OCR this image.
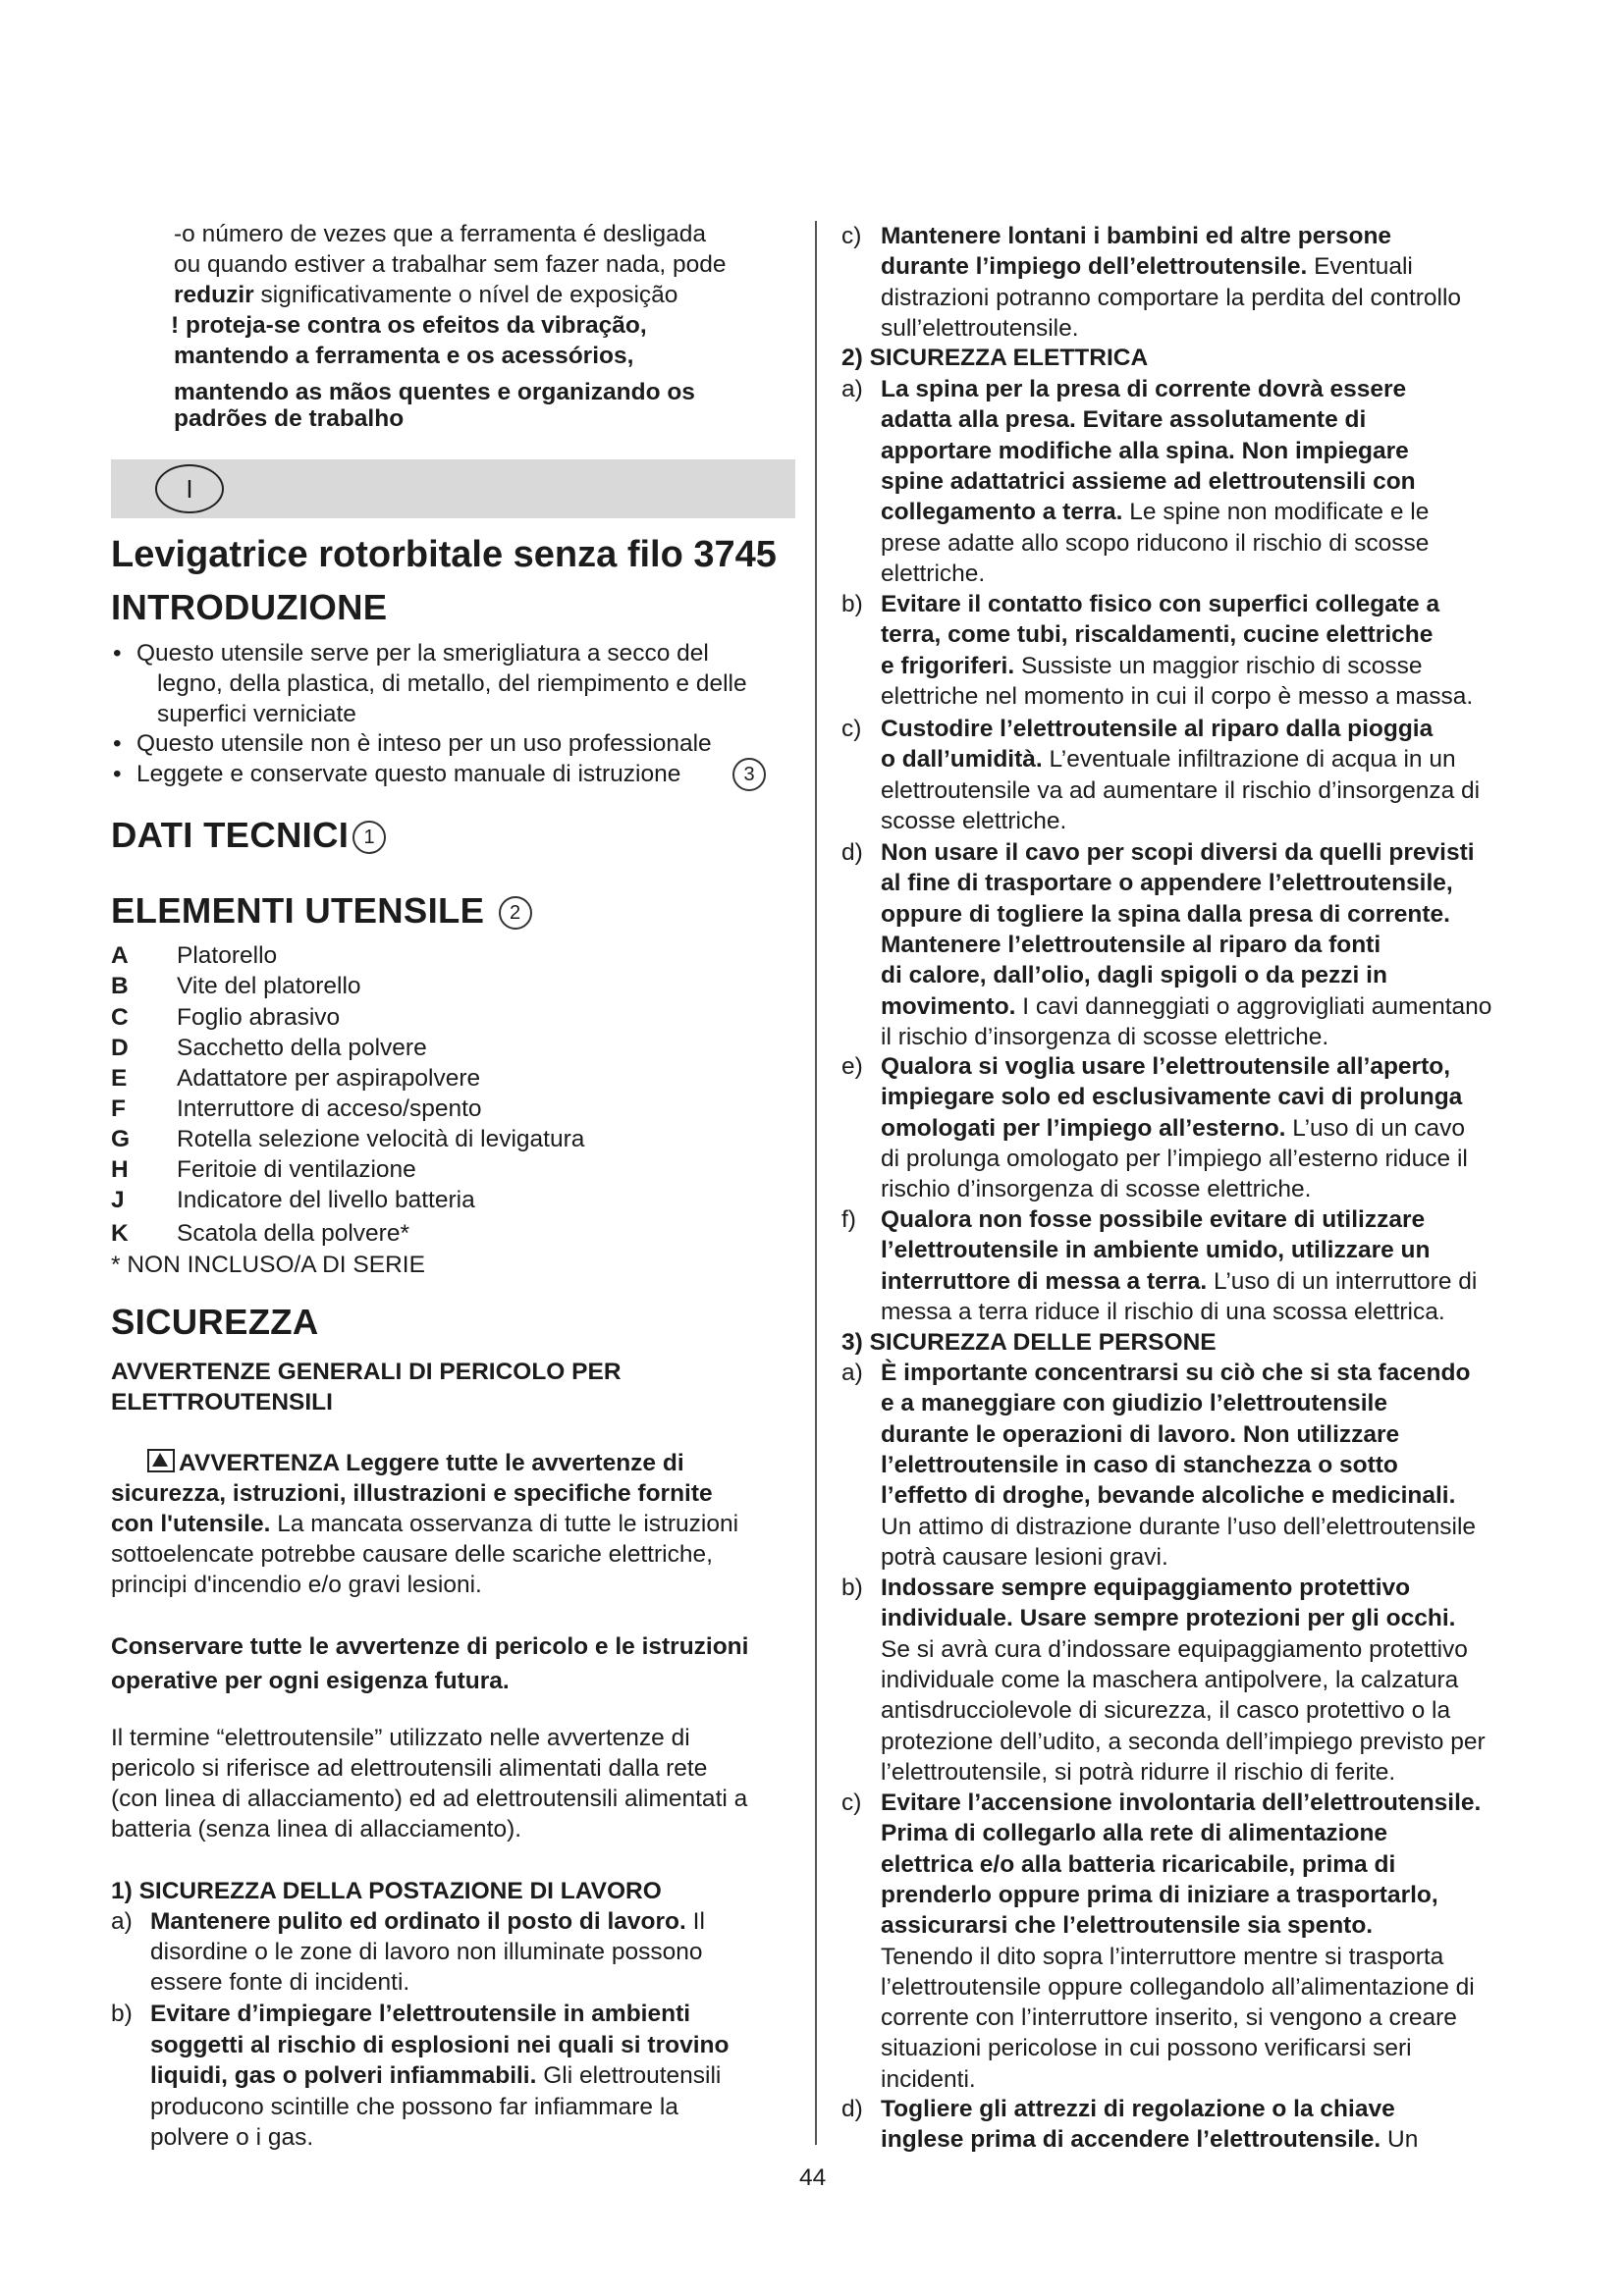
-o número de vezes que a ferramenta é desligada
ou quando estiver a trabalhar sem fazer nada, pode
reduzir significativamente o nível de exposição
! proteja-se contra os efeitos da vibração,
mantendo a ferramenta e os acessórios,
mantendo as mãos quentes e organizando os
padrões de trabalho
I
Levigatrice rotorbitale senza filo 3745
INTRODUZIONE
• Questo utensile serve per la smerigliatura a secco del
legno, della plastica, di metallo, del riempimento e delle
superfici verniciate
• Questo utensile non è inteso per un uso professionale
• Leggete e conservate questo manuale di istruzione	3
DATI TECNICI 1
ELEMENTI UTENSILE 2
A Platorello
B Vite del platorello
C Foglio abrasivo
D Sacchetto della polvere
E Adattatore per aspirapolvere
F Interruttore di acceso/spento
G Rotella selezione velocità di levigatura
H Feritoie di ventilazione
J Indicatore del livello batteria
K Scatola della polvere*
* NON INCLUSO/A DI SERIE
SICUREZZA
AVVERTENZE GENERALI DI PERICOLO PER
ELETTROUTENSILI
AVVERTENZA Leggere tutte le avvertenze di
sicurezza, istruzioni, illustrazioni e specifiche fornite
con l'utensile. La mancata osservanza di tutte le istruzioni
sottoelencate potrebbe causare delle scariche elettriche,
principi d'incendio e/o gravi lesioni.
Conservare tutte le avvertenze di pericolo e le istruzioni
operative per ogni esigenza futura.
Il termine “elettroutensile” utilizzato nelle avvertenze di
pericolo si riferisce ad elettroutensili alimentati dalla rete
(con linea di allacciamento) ed ad elettroutensili alimentati a
batteria (senza linea di allacciamento).
1) SICUREZZA DELLA POSTAZIONE DI LAVORO
a) Mantenere pulito ed ordinato il posto di lavoro. Il
disordine o le zone di lavoro non illuminate possono
essere fonte di incidenti.
b) Evitare d’impiegare l’elettroutensile in ambienti
soggetti al rischio di esplosioni nei quali si trovino
liquidi, gas o polveri infiammabili. Gli elettroutensili
producono scintille che possono far infiammare la
polvere o i gas.
c) Mantenere lontani i bambini ed altre persone
durante l’impiego dell’elettroutensile. Eventuali
distrazioni potranno comportare la perdita del controllo
sull’elettroutensile.
2) SICUREZZA ELETTRICA
a) La spina per la presa di corrente dovrà essere
adatta alla presa. Evitare assolutamente di
apportare modifiche alla spina. Non impiegare
spine adattatrici assieme ad elettroutensili con
collegamento a terra. Le spine non modificate e le
prese adatte allo scopo riducono il rischio di scosse
elettriche.
b) Evitare il contatto fisico con superfici collegate a
terra, come tubi, riscaldamenti, cucine elettriche
e frigoriferi. Sussiste un maggior rischio di scosse
elettriche nel momento in cui il corpo è messo a massa.
c) Custodire l’elettroutensile al riparo dalla pioggia
o dall’umidità. L’eventuale infiltrazione di acqua in un
elettroutensile va ad aumentare il rischio d’insorgenza di
scosse elettriche.
d) Non usare il cavo per scopi diversi da quelli previsti
al fine di trasportare o appendere l’elettroutensile,
oppure di togliere la spina dalla presa di corrente.
Mantenere l’elettroutensile al riparo da fonti
di calore, dall’olio, dagli spigoli o da pezzi in
movimento. I cavi danneggiati o aggrovigliati aumentano
il rischio d’insorgenza di scosse elettriche.
e) Qualora si voglia usare l’elettroutensile all’aperto,
impiegare solo ed esclusivamente cavi di prolunga
omologati per l’impiego all’esterno. L’uso di un cavo
di prolunga omologato per l’impiego all’esterno riduce il
rischio d’insorgenza di scosse elettriche.
f) Qualora non fosse possibile evitare di utilizzare
l’elettroutensile in ambiente umido, utilizzare un
interruttore di messa a terra. L’uso di un interruttore di
messa a terra riduce il rischio di una scossa elettrica.
3) SICUREZZA DELLE PERSONE
a) È importante concentrarsi su ciò che si sta facendo
e a maneggiare con giudizio l’elettroutensile
durante le operazioni di lavoro. Non utilizzare
l’elettroutensile in caso di stanchezza o sotto
l’effetto di droghe, bevande alcoliche e medicinali.
Un attimo di distrazione durante l’uso dell’elettroutensile
potrà causare lesioni gravi.
b) Indossare sempre equipaggiamento protettivo
individuale. Usare sempre protezioni per gli occhi.
Se si avrà cura d’indossare equipaggiamento protettivo
individuale come la maschera antipolvere, la calzatura
antisdrucciolevole di sicurezza, il casco protettivo o la
protezione dell’udito, a seconda dell’impiego previsto per
l’elettroutensile, si potrà ridurre il rischio di ferite.
c) Evitare l’accensione involontaria dell’elettroutensile.
Prima di collegarlo alla rete di alimentazione
elettrica e/o alla batteria ricaricabile, prima di
prenderlo oppure prima di iniziare a trasportarlo,
assicurarsi che l’elettroutensile sia spento.
Tenendo il dito sopra l’interruttore mentre si trasporta
l’elettroutensile oppure collegandolo all’alimentazione di
corrente con l’interruttore inserito, si vengono a creare
situazioni pericolose in cui possono verificarsi seri
incidenti.
d) Togliere gli attrezzi di regolazione o la chiave
inglese prima di accendere l’elettroutensile. Un
44
